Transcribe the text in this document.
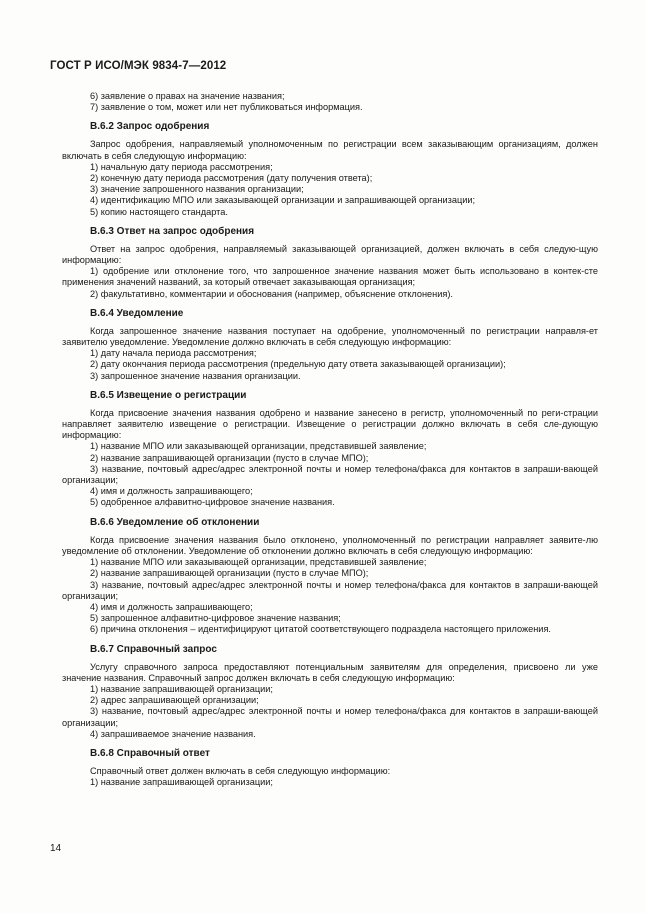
ГОСТ Р ИСО/МЭК 9834-7—2012

6) заявление о правах на значение названия;

7) заявление о том, может или нет публиковаться информация.

В.6.2 Запрос одобрения

Запрос одобрения, направляемый уполномоченным по регистрации всем заказывающим организациям, должен включать в себя следующую информацию:

1) начальную дату периода рассмотрения;

2) конечную дату периода рассмотрения (дату получения ответа);

3) значение запрошенного названия организации;

4) идентификацию МПО или заказывающей организации и запрашивающей организации;

5) копию настоящего стандарта.

В.6.3 Ответ на запрос одобрения

Ответ на запрос одобрения, направляемый заказывающей организацией, должен включать в себя следую-щую информацию:

1) одобрение или отклонение того, что запрошенное значение названия может быть использовано в контек-сте применения значений названий, за который отвечает заказывающая организация;

2) факультативно, комментарии и обоснования (например, объяснение отклонения).

В.6.4 Уведомление

Когда запрошенное значение названия поступает на одобрение, уполномоченный по регистрации направля-ет заявителю уведомление. Уведомление должно включать в себя следующую информацию:

1) дату начала периода рассмотрения;

2) дату окончания периода рассмотрения (предельную дату ответа заказывающей организации);

3) запрошенное значение названия организации.

В.6.5 Извещение о регистрации

Когда присвоение значения названия одобрено и название занесено в регистр, уполномоченный по реги-страции направляет заявителю извещение о регистрации. Извещение о регистрации должно включать в себя сле-дующую информацию:

1) название МПО или заказывающей организации, представившей заявление;

2) название запрашивающей организации (пусто в случае МПО);

3) название, почтовый адрес/адрес электронной почты и номер телефона/факса для контактов в запраши-вающей организации;

4) имя и должность запрашивающего;

5) одобренное алфавитно-цифровое значение названия.

В.6.6 Уведомление об отклонении

Когда присвоение значения названия было отклонено, уполномоченный по регистрации направляет заявите-лю уведомление об отклонении. Уведомление об отклонении должно включать в себя следующую информацию:

1) название МПО или заказывающей организации, представившей заявление;

2) название запрашивающей организации (пусто в случае МПО);

3) название, почтовый адрес/адрес электронной почты и номер телефона/факса для контактов в запраши-вающей организации;

4) имя и должность запрашивающего;

5) запрошенное алфавитно-цифровое значение названия;

6) причина отклонения – идентифицируют цитатой соответствующего подраздела настоящего приложения.

В.6.7 Справочный запрос

Услугу справочного запроса предоставляют потенциальным заявителям для определения, присвоено ли уже значение названия. Справочный запрос должен включать в себя следующую информацию:

1) название запрашивающей организации;

2) адрес запрашивающей организации;

3) название, почтовый адрес/адрес электронной почты и номер телефона/факса для контактов в запраши-вающей организации;

4) запрашиваемое значение названия.

В.6.8 Справочный ответ

Справочный ответ должен включать в себя следующую информацию:

1) название запрашивающей организации;

14
